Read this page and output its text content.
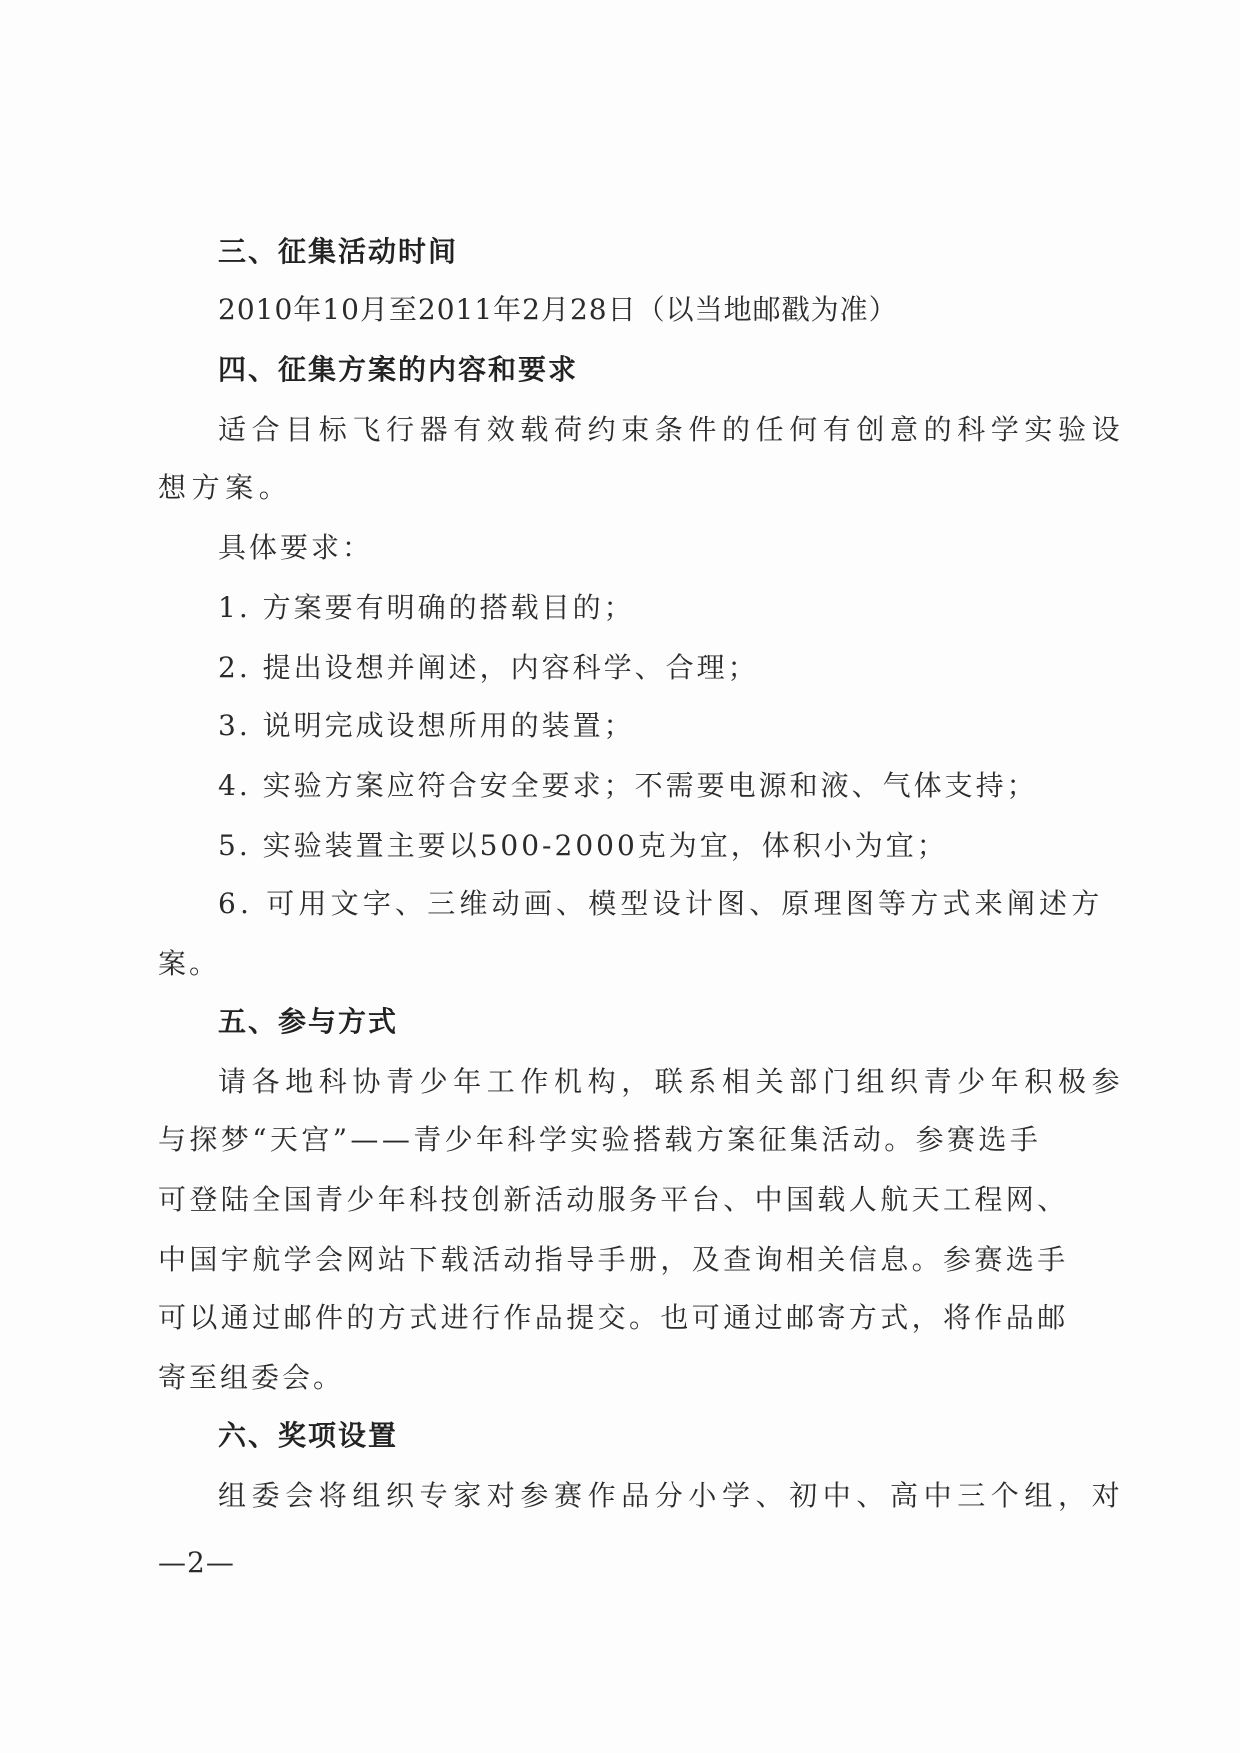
三、征集活动时间
2010年10月至2011年2月28日（以当地邮戳为准）
四、征集方案的内容和要求
适合目标飞行器有效载荷约束条件的任何有创意的科学实验设
想方案。
具体要求：
1. 方案要有明确的搭载目的；
2. 提出设想并阐述，内容科学、合理；
3. 说明完成设想所用的装置；
4. 实验方案应符合安全要求；不需要电源和液、气体支持；
5. 实验装置主要以500-2000克为宜，体积小为宜；
6. 可用文字、三维动画、模型设计图、原理图等方式来阐述方
案。
五、参与方式
请各地科协青少年工作机构，联系相关部门组织青少年积极参
与探梦“天宫”——青少年科学实验搭载方案征集活动。参赛选手
可登陆全国青少年科技创新活动服务平台、中国载人航天工程网、
中国宇航学会网站下载活动指导手册，及查询相关信息。参赛选手
可以通过邮件的方式进行作品提交。也可通过邮寄方式，将作品邮
寄至组委会。
六、奖项设置
组委会将组织专家对参赛作品分小学、初中、高中三个组，对
—2—
